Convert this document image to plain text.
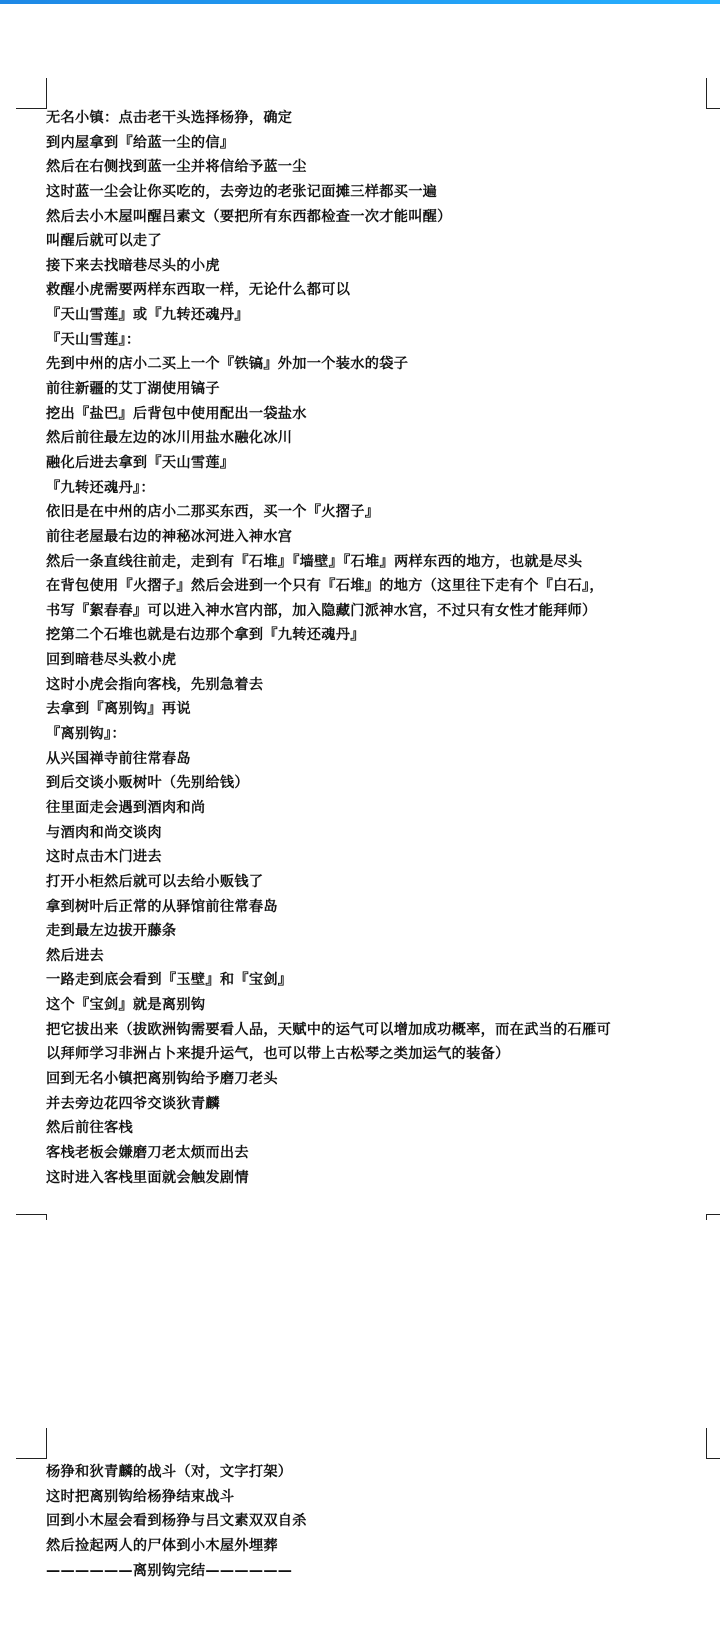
无名小镇：点击老干头选择杨狰，确定
到内屋拿到『给蓝一尘的信』
然后在右侧找到蓝一尘并将信给予蓝一尘
这时蓝一尘会让你买吃的，去旁边的老张记面摊三样都买一遍
然后去小木屋叫醒吕素文（要把所有东西都检查一次才能叫醒）
叫醒后就可以走了
接下来去找暗巷尽头的小虎
救醒小虎需要两样东西取一样，无论什么都可以
『天山雪莲』或『九转还魂丹』
『天山雪莲』：
先到中州的店小二买上一个『铁镐』外加一个装水的袋子
前往新疆的艾丁湖使用镐子
挖出『盐巴』后背包中使用配出一袋盐水
然后前往最左边的冰川用盐水融化冰川
融化后进去拿到『天山雪莲』
『九转还魂丹』：
依旧是在中州的店小二那买东西，买一个『火摺子』
前往老屋最右边的神秘冰河进入神水宫
然后一条直线往前走，走到有『石堆』『墙壁』『石堆』两样东西的地方，也就是尽头
在背包使用『火摺子』然后会进到一个只有『石堆』的地方（这里往下走有个『白石』，
书写『絮春春』可以进入神水宫内部，加入隐藏门派神水宫，不过只有女性才能拜师）
挖第二个石堆也就是右边那个拿到『九转还魂丹』
回到暗巷尽头救小虎
这时小虎会指向客栈，先别急着去
去拿到『离别钩』再说
『离别钩』：
从兴国禅寺前往常春岛
到后交谈小贩树叶（先别给钱）
往里面走会遇到酒肉和尚
与酒肉和尚交谈肉
这时点击木门进去
打开小柜然后就可以去给小贩钱了
拿到树叶后正常的从驿馆前往常春岛
走到最左边拔开藤条
然后进去
一路走到底会看到『玉壁』和『宝剑』
这个『宝剑』就是离别钩
把它拔出来（拔欧洲钩需要看人品，天赋中的运气可以增加成功概率，而在武当的石雁可
以拜师学习非洲占卜来提升运气，也可以带上古松琴之类加运气的装备）
回到无名小镇把离别钩给予磨刀老头
并去旁边花四爷交谈狄青麟
然后前往客栈
客栈老板会嫌磨刀老太烦而出去
这时进入客栈里面就会触发剧情
杨狰和狄青麟的战斗（对，文字打架）
这时把离别钩给杨狰结束战斗
回到小木屋会看到杨狰与吕文素双双自杀
然后捡起两人的尸体到小木屋外埋葬
——————离别钩完结——————
